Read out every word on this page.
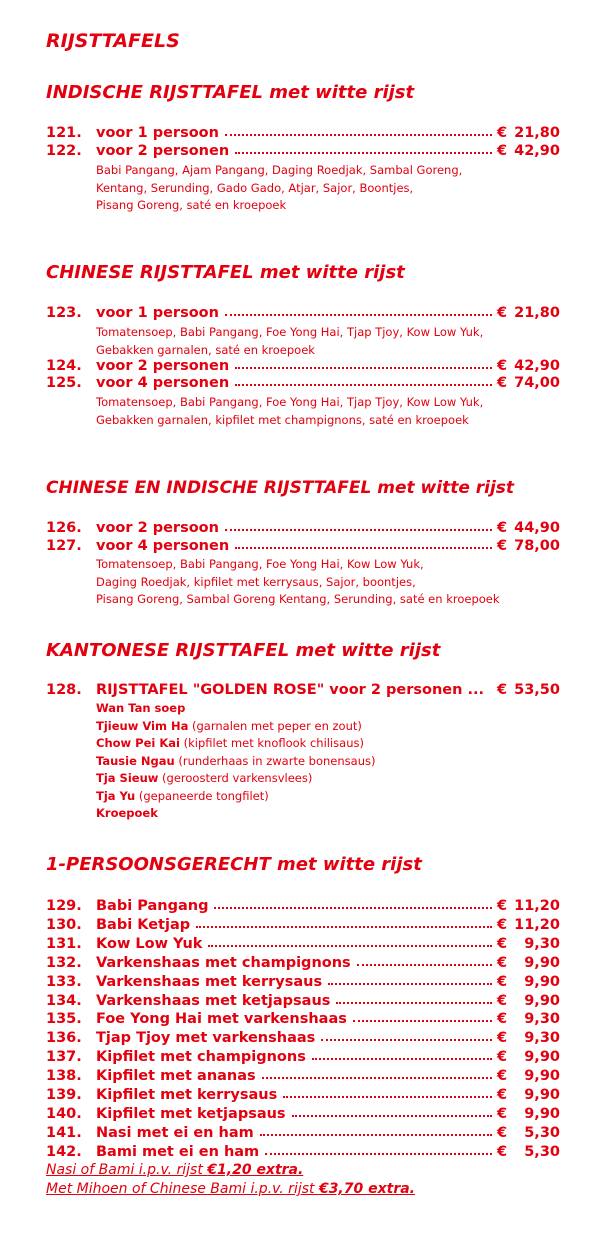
RIJSTTAFELS
INDISCHE RIJSTTAFEL met witte rijst
121. voor 1 persoon	€ 21,80
122. voor 2 personen	€ 42,90
Babi Pangang, Ajam Pangang, Daging Roedjak, Sambal Goreng,
Kentang, Serunding, Gado Gado, Atjar, Sajor, Boontjes,
Pisang Goreng, saté en kroepoek
CHINESE RIJSTTAFEL met witte rijst
123. voor 1 persoon	€ 21,80
Tomatensoep, Babi Pangang, Foe Yong Hai, Tjap Tjoy, Kow Low Yuk,
Gebakken garnalen, saté en kroepoek
124. voor 2 personen	€ 42,90
125. voor 4 personen	€ 74,00
Tomatensoep, Babi Pangang, Foe Yong Hai, Tjap Tjoy, Kow Low Yuk,
Gebakken garnalen, kipfilet met champignons, saté en kroepoek
CHINESE EN INDISCHE RIJSTTAFEL met witte rijst
126. voor 2 persoon	€ 44,90
127. voor 4 personen	€ 78,00
Tomatensoep, Babi Pangang, Foe Yong Hai, Kow Low Yuk,
Daging Roedjak, kipfilet met kerrysaus, Sajor, boontjes,
Pisang Goreng, Sambal Goreng Kentang, Serunding, saté en kroepoek
KANTONESE RIJSTTAFEL met witte rijst
128. RIJSTTAFEL "GOLDEN ROSE" voor 2 personen ... € 53,50
Wan Tan soep
Tjieuw Vim Ha (garnalen met peper en zout)
Chow Pei Kai (kipfilet met knoflook chilisaus)
Tausie Ngau (runderhaas in zwarte bonensaus)
Tja Sieuw (geroosterd varkensvlees)
Tja Yu (gepaneerde tongfilet)
Kroepoek
1-PERSOONSGERECHT met witte rijst
129. Babi Pangang	€ 11,20
130. Babi Ketjap	€ 11,20
131. Kow Low Yuk	€ 9,30
132. Varkenshaas met champignons	€ 9,90
133. Varkenshaas met kerrysaus	€ 9,90
134. Varkenshaas met ketjapsaus	€ 9,90
135. Foe Yong Hai met varkenshaas	€ 9,30
136. Tjap Tjoy met varkenshaas	€ 9,30
137. Kipfilet met champignons	€ 9,90
138. Kipfilet met ananas	€ 9,90
139. Kipfilet met kerrysaus	€ 9,90
140. Kipfilet met ketjapsaus	€ 9,90
141. Nasi met ei en ham	€ 5,30
142. Bami met ei en ham	€ 5,30
Nasi of Bami i.p.v. rijst €1,20 extra.
Met Mihoen of Chinese Bami i.p.v. rijst €3,70 extra.
